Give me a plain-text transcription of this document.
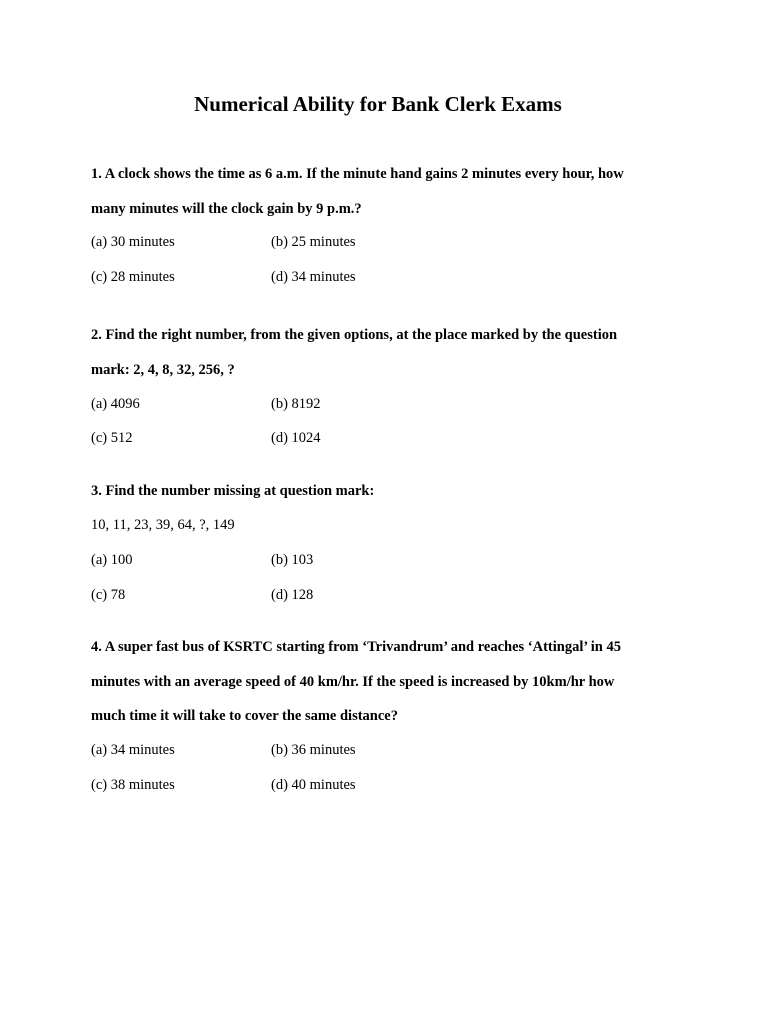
Numerical Ability for Bank Clerk Exams
1. A clock shows the time as 6 a.m. If the minute hand gains 2 minutes every hour, how
many minutes will the clock gain by 9 p.m.?
(a) 30 minutes	(b) 25 minutes
(c) 28 minutes	(d) 34 minutes
2. Find the right number, from the given options, at the place marked by the question
mark: 2, 4, 8, 32, 256, ?
(a) 4096	(b) 8192
(c) 512	(d) 1024
3. Find the number missing at question mark:
10, 11, 23, 39, 64, ?, 149
(a) 100	(b) 103
(c) 78	(d) 128
4. A super fast bus of KSRTC starting from ‘Trivandrum’ and reaches ‘Attingal’ in 45
minutes with an average speed of 40 km/hr. If the speed is increased by 10km/hr how
much time it will take to cover the same distance?
(a) 34 minutes	(b) 36 minutes
(c) 38 minutes	(d) 40 minutes
